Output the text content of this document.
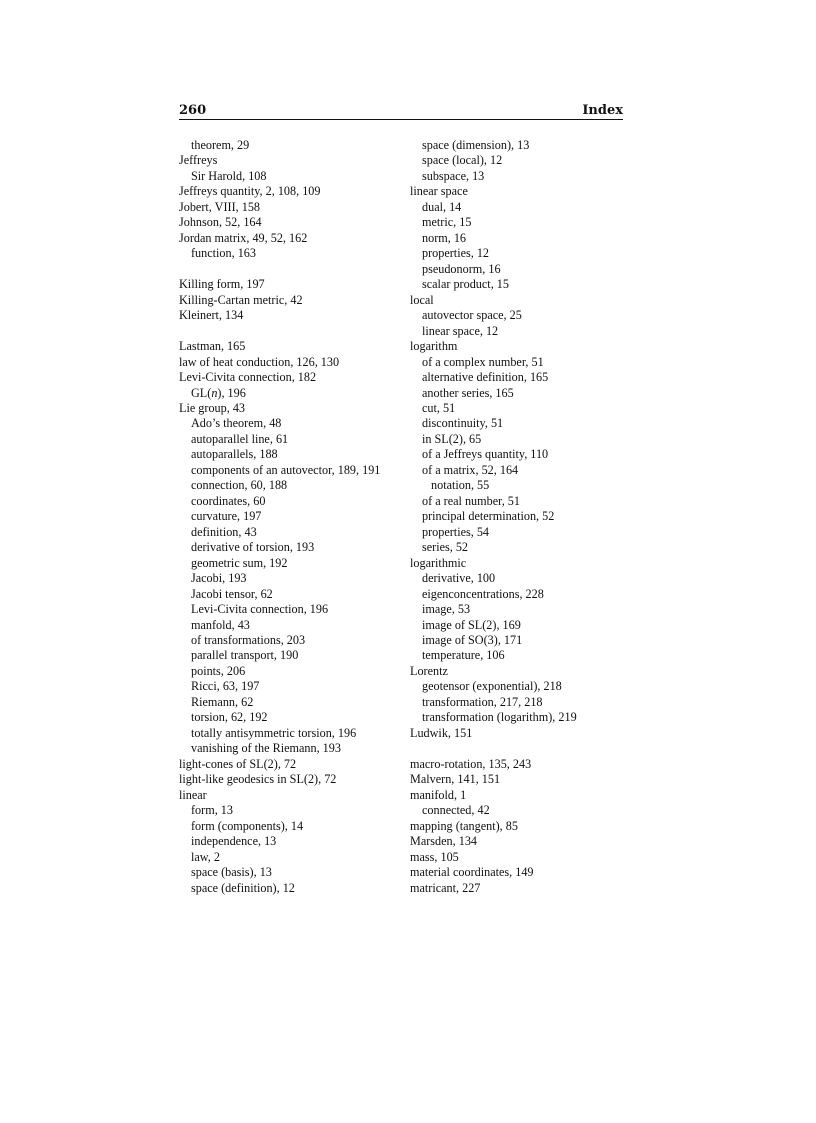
260	Index
theorem, 29
Jeffreys
Sir Harold, 108
Jeffreys quantity, 2, 108, 109
Jobert, VIII, 158
Johnson, 52, 164
Jordan matrix, 49, 52, 162
function, 163
Killing form, 197
Killing-Cartan metric, 42
Kleinert, 134
Lastman, 165
law of heat conduction, 126, 130
Levi-Civita connection, 182
GL(n), 196
Lie group, 43
Ado’s theorem, 48
autoparallel line, 61
autoparallels, 188
components of an autovector, 189, 191
connection, 60, 188
coordinates, 60
curvature, 197
definition, 43
derivative of torsion, 193
geometric sum, 192
Jacobi, 193
Jacobi tensor, 62
Levi-Civita connection, 196
manfold, 43
of transformations, 203
parallel transport, 190
points, 206
Ricci, 63, 197
Riemann, 62
torsion, 62, 192
totally antisymmetric torsion, 196
vanishing of the Riemann, 193
light-cones of SL(2), 72
light-like geodesics in SL(2), 72
linear
form, 13
form (components), 14
independence, 13
law, 2
space (basis), 13
space (definition), 12
space (dimension), 13
space (local), 12
subspace, 13
linear space
dual, 14
metric, 15
norm, 16
properties, 12
pseudonorm, 16
scalar product, 15
local
autovector space, 25
linear space, 12
logarithm
of a complex number, 51
alternative definition, 165
another series, 165
cut, 51
discontinuity, 51
in SL(2), 65
of a Jeffreys quantity, 110
of a matrix, 52, 164
notation, 55
of a real number, 51
principal determination, 52
properties, 54
series, 52
logarithmic
derivative, 100
eigenconcentrations, 228
image, 53
image of SL(2), 169
image of SO(3), 171
temperature, 106
Lorentz
geotensor (exponential), 218
transformation, 217, 218
transformation (logarithm), 219
Ludwik, 151
macro-rotation, 135, 243
Malvern, 141, 151
manifold, 1
connected, 42
mapping (tangent), 85
Marsden, 134
mass, 105
material coordinates, 149
matricant, 227
